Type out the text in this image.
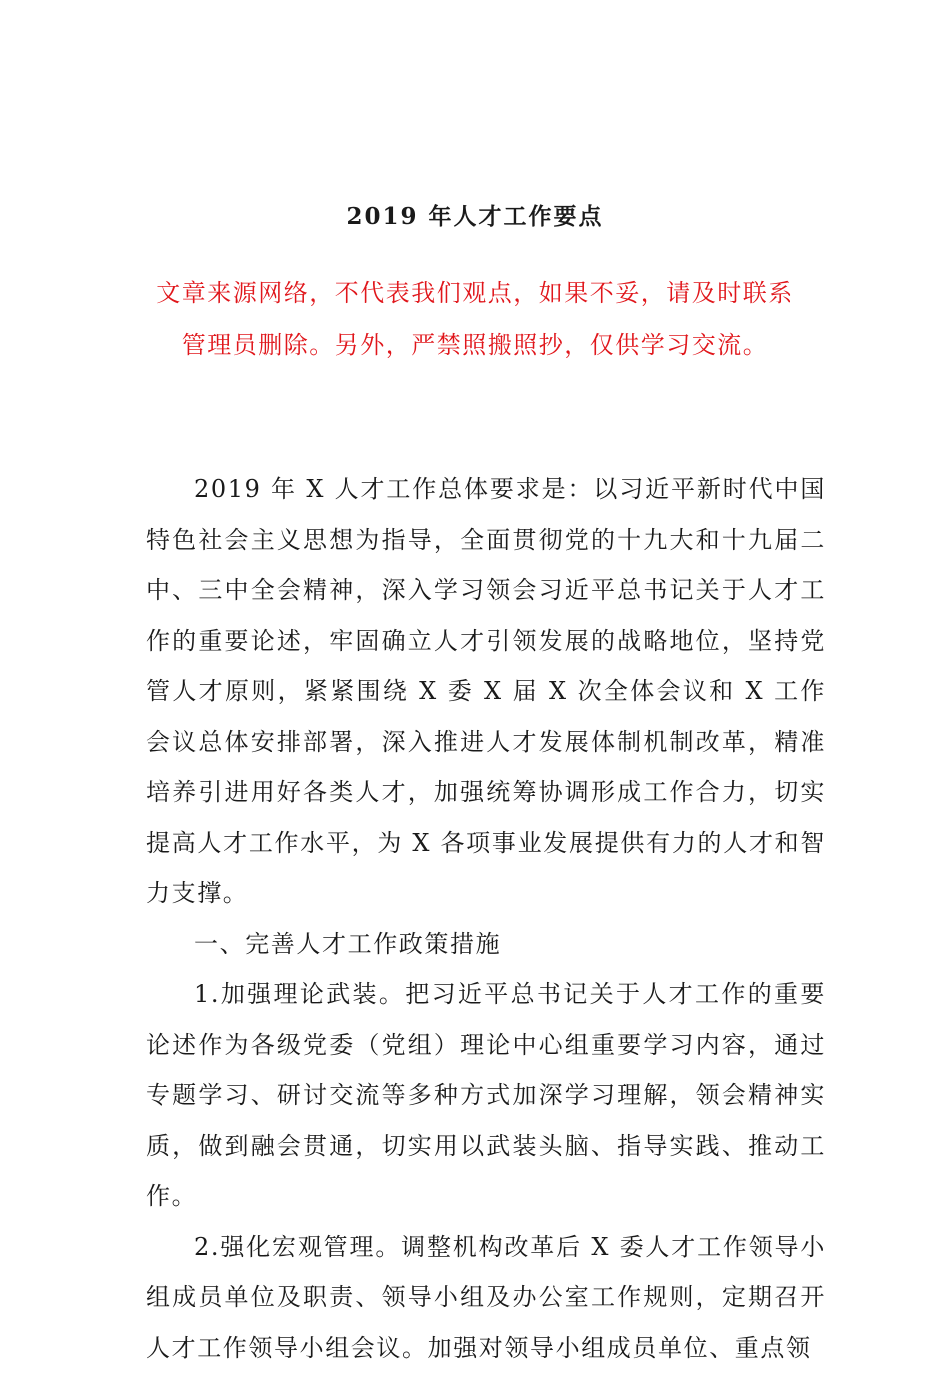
2019 年人才工作要点

文章来源网络，不代表我们观点，如果不妥，请及时联系

管理员删除。另外，严禁照搬照抄，仅供学习交流。

2019 年 X 人才工作总体要求是：以习近平新时代中国特色社会主义思想为指导，全面贯彻党的十九大和十九届二中、三中全会精神，深入学习领会习近平总书记关于人才工作的重要论述，牢固确立人才引领发展的战略地位，坚持党管人才原则，紧紧围绕 X 委 X 届 X 次全体会议和 X 工作会议总体安排部署，深入推进人才发展体制机制改革，精准培养引进用好各类人才，加强统筹协调形成工作合力，切实提高人才工作水平，为 X 各项事业发展提供有力的人才和智力支撑。

一、完善人才工作政策措施

1.加强理论武装。把习近平总书记关于人才工作的重要论述作为各级党委（党组）理论中心组重要学习内容，通过专题学习、研讨交流等多种方式加深学习理解，领会精神实质，做到融会贯通，切实用以武装头脑、指导实践、推动工作。

2.强化宏观管理。调整机构改革后 X 委人才工作领导小组成员单位及职责、领导小组及办公室工作规则，定期召开人才工作领导小组会议。加强对领导小组成员单位、重点领
